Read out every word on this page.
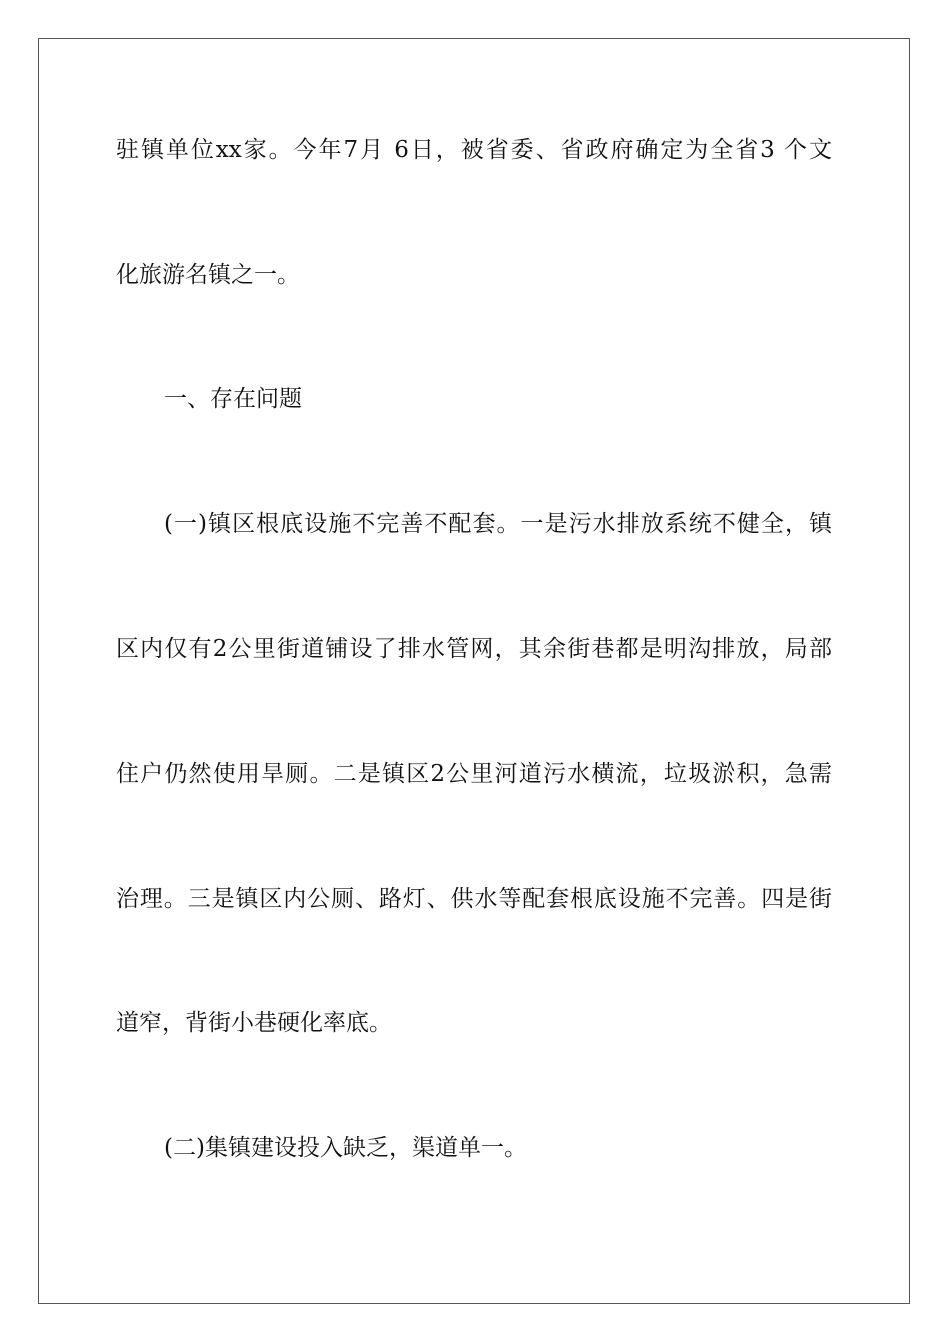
驻镇单位xx家。今年7月 6日，被省委、省政府确定为全省3 个文
化旅游名镇之一。
一、存在问题
(一)镇区根底设施不完善不配套。一是污水排放系统不健全，镇
区内仅有2公里街道铺设了排水管网，其余街巷都是明沟排放，局部
住户仍然使用旱厕。二是镇区2公里河道污水横流，垃圾淤积，急需
治理。三是镇区内公厕、路灯、供水等配套根底设施不完善。四是街
道窄，背街小巷硬化率底。
(二)集镇建设投入缺乏，渠道单一。
